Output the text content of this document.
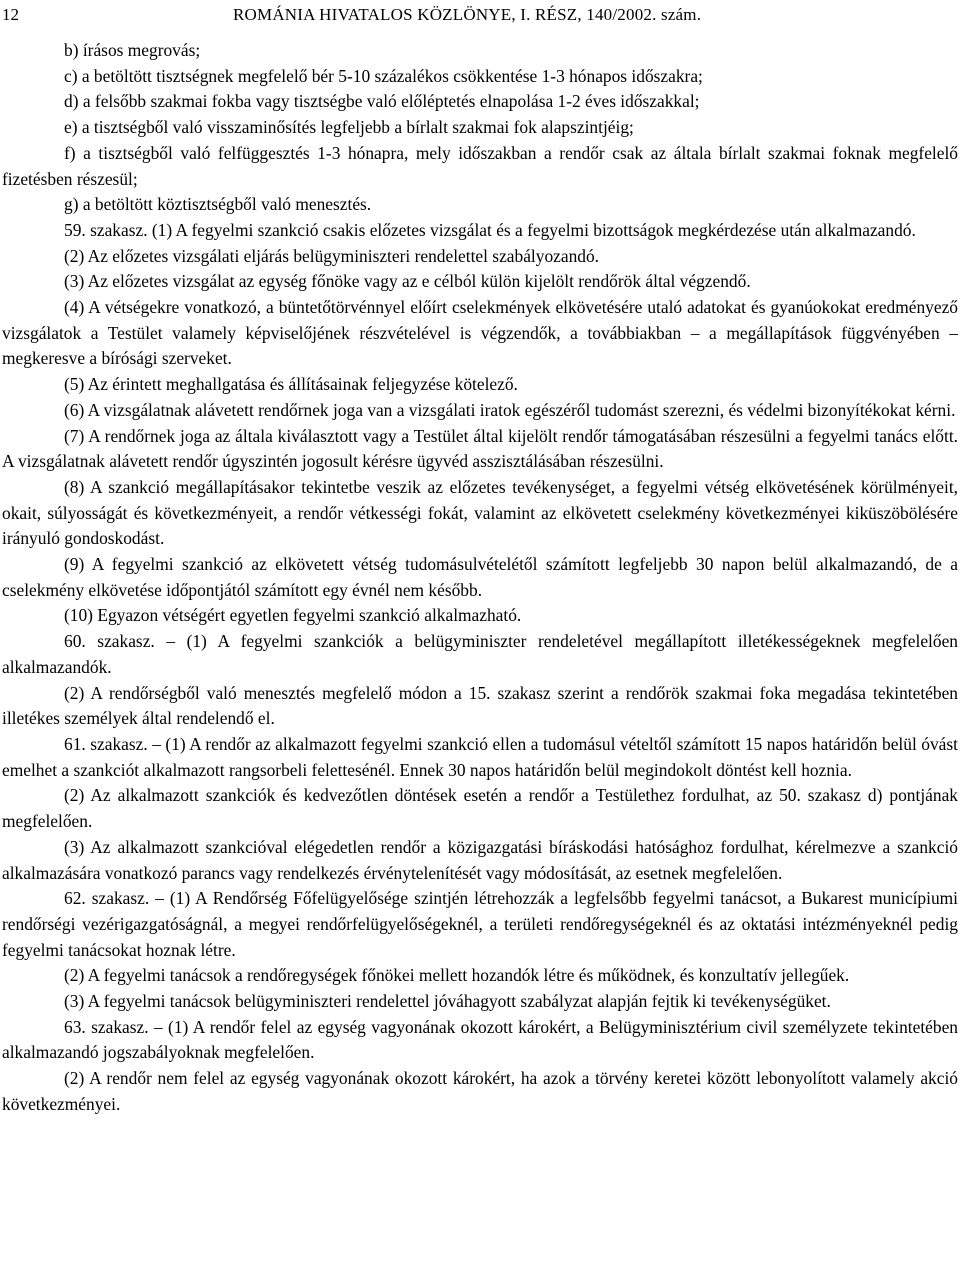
12	ROMÁNIA HIVATALOS KÖZLÖNYE, I. RÉSZ, 140/2002. szám.

b) írásos megrovás;

c) a betöltött tisztségnek megfelelő bér 5-10 százalékos csökkentése 1-3 hónapos időszakra;

d) a felsőbb szakmai fokba vagy tisztségbe való előléptetés elnapolása 1-2 éves időszakkal;

e) a tisztségből való visszaminősítés legfeljebb a bírlalt szakmai fok alapszintjéig;

f) a tisztségből való felfüggesztés 1-3 hónapra, mely időszakban a rendőr csak az általa bírlalt szakmai foknak megfelelő fizetésben részesül;

g) a betöltött köztisztségből való menesztés.

59. szakasz. (1) A fegyelmi szankció csakis előzetes vizsgálat és a fegyelmi bizottságok megkérdezése után alkalmazandó.

(2) Az előzetes vizsgálati eljárás belügyminiszteri rendelettel szabályozandó.

(3) Az előzetes vizsgálat az egység főnöke vagy az e célból külön kijelölt rendőrök által végzendő.

(4) A vétségekre vonatkozó, a büntetőtörvénnyel előírt cselekmények elkövetésére utaló adatokat és gyanúokokat eredményező vizsgálatok a Testület valamely képviselőjének részvételével is végzendők, a továbbiakban – a megállapítások függvényében – megkeresve a bírósági szerveket.

(5) Az érintett meghallgatása és állításainak feljegyzése kötelező.

(6) A vizsgálatnak alávetett rendőrnek joga van a vizsgálati iratok egészéről tudomást szerezni, és védelmi bizonyítékokat kérni.

(7) A rendőrnek joga az általa kiválasztott vagy a Testület által kijelölt rendőr támogatásában részesülni a fegyelmi tanács előtt. A vizsgálatnak alávetett rendőr úgyszintén jogosult kérésre ügyvéd asszisztálásában részesülni.

(8) A szankció megállapításakor tekintetbe veszik az előzetes tevékenységet, a fegyelmi vétség elkövetésének körülményeit, okait, súlyosságát és következményeit, a rendőr vétkességi fokát, valamint az elkövetett cselekmény következményei kiküszöbölésére irányuló gondoskodást.

(9) A fegyelmi szankció az elkövetett vétség tudomásulvételétől számított legfeljebb 30 napon belül alkalmazandó, de a cselekmény elkövetése időpontjától számított egy évnél nem később.

(10) Egyazon vétségért egyetlen fegyelmi szankció alkalmazható.

60. szakasz. – (1) A fegyelmi szankciók a belügyminiszter rendeletével megállapított illetékességeknek megfelelően alkalmazandók.

(2) A rendőrségből való menesztés megfelelő módon a 15. szakasz szerint a rendőrök szakmai foka megadása tekintetében illetékes személyek által rendelendő el.

61. szakasz. – (1) A rendőr az alkalmazott fegyelmi szankció ellen a tudomásul vételtől számított 15 napos határidőn belül óvást emelhet a szankciót alkalmazott rangsorbeli felettesénél. Ennek 30 napos határidőn belül megindokolt döntést kell hoznia.

(2) Az alkalmazott szankciók és kedvezőtlen döntések esetén a rendőr a Testülethez fordulhat, az 50. szakasz d) pontjának megfelelően.

(3) Az alkalmazott szankcióval elégedetlen rendőr a közigazgatási bíráskodási hatósághoz fordulhat, kérelmezve a szankció alkalmazására vonatkozó parancs vagy rendelkezés érvénytelenítését vagy módosítását, az esetnek megfelelően.

62. szakasz. – (1) A Rendőrség Főfelügyelősége szintjén létrehozzák a legfelsőbb fegyelmi tanácsot, a Bukarest municípiumi rendőrségi vezérigazgatóságnál, a megyei rendőrfelügyelőségeknél, a területi rendőregységeknél és az oktatási intézményeknél pedig fegyelmi tanácsokat hoznak létre.

(2) A fegyelmi tanácsok a rendőregységek főnökei mellett hozandók létre és működnek, és konzultatív jellegűek.

(3) A fegyelmi tanácsok belügyminiszteri rendelettel jóváhagyott szabályzat alapján fejtik ki tevékenységüket.

63. szakasz. – (1) A rendőr felel az egység vagyonának okozott károkért, a Belügyminisztérium civil személyzete tekintetében alkalmazandó jogszabályoknak megfelelően.

(2) A rendőr nem felel az egység vagyonának okozott károkért, ha azok a törvény keretei között lebonyolított valamely akció következményei.
